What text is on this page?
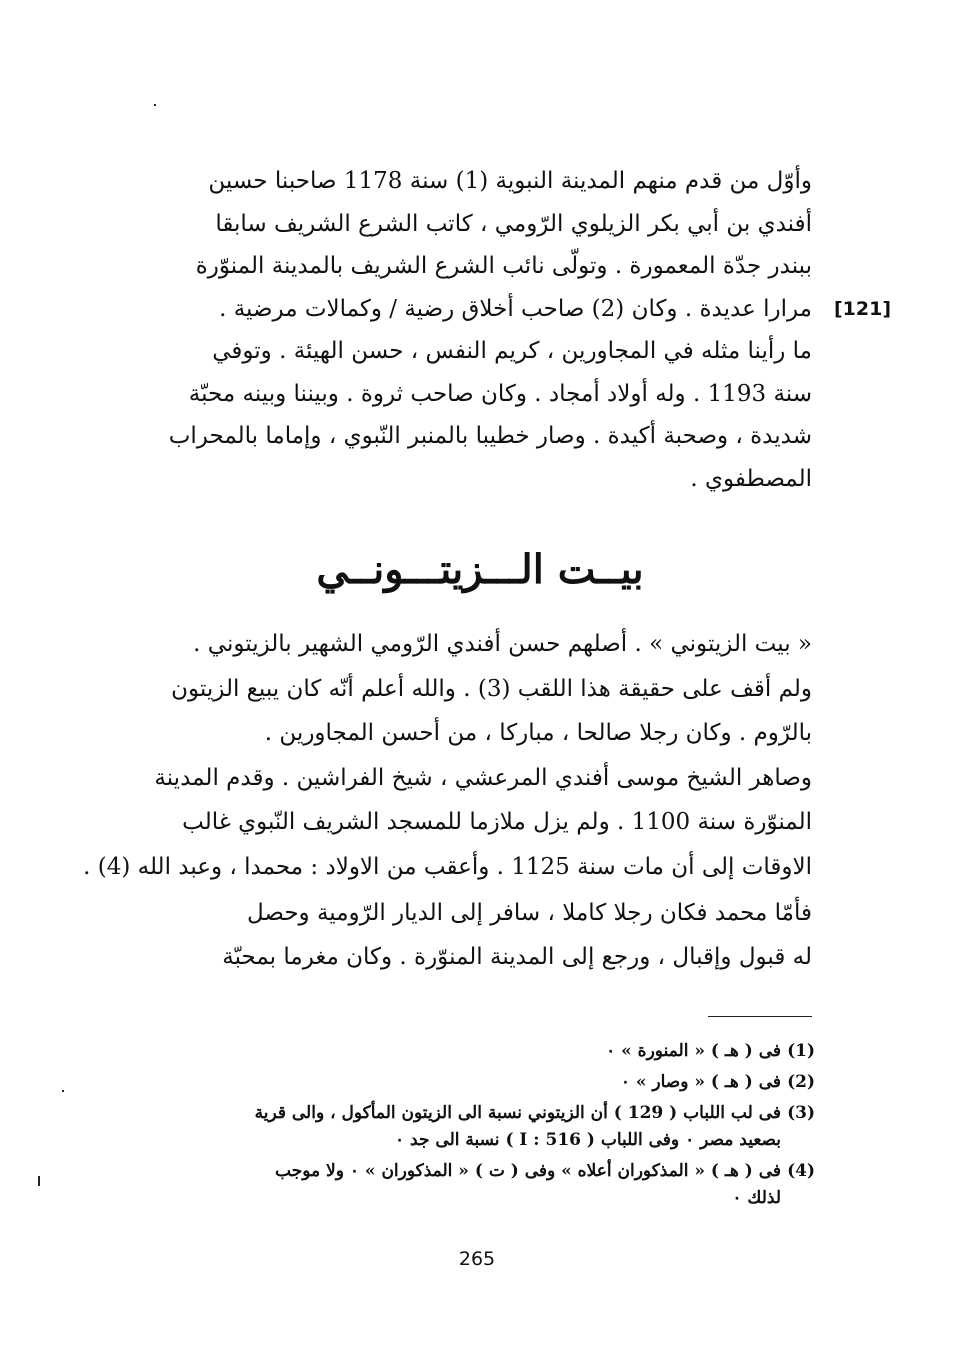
وأوّل من قدم منهم المدينة النبوية (1) سنة 1178 صاحبنا حسين
أفندي بن أبي بكر الزيلوي الرّومي ، كاتب الشرع الشريف سابقا
ببندر جدّة المعمورة . وتولّى نائب الشرع الشريف بالمدينة المنوّرة
مرارا عديدة . وكان (2) صاحب أخلاق رضية / وكمالات مرضية .
ما رأينا مثله في المجاورين ، كريم النفس ، حسن الهيئة . وتوفي
سنة 1193 . وله أولاد أمجاد . وكان صاحب ثروة . وبيننا وبينه محبّة
شديدة ، وصحبة أكيدة . وصار خطيبا بالمنبر النّبوي ، وإماما بالمحراب
المصطفوي .
[121]
بيــت الـــزيتـــونــي
« بيت الزيتوني » . أصلهم حسن أفندي الرّومي الشهير بالزيتوني .
ولم أقف على حقيقة هذا اللقب (3) . والله أعلم أنّه كان يبيع الزيتون
بالرّوم . وكان رجلا صالحا ، مباركا ، من أحسن المجاورين .
وصاهر الشيخ موسى أفندي المرعشي ، شيخ الفراشين . وقدم المدينة
المنوّرة سنة 1100 . ولم يزل ملازما للمسجد الشريف النّبوي غالب
الاوقات إلى أن مات سنة 1125 . وأعقب من الاولاد : محمدا ، وعبد الله (4) .
فأمّا محمد فكان رجلا كاملا ، سافر إلى الديار الرّومية وحصل
له قبول وإقبال ، ورجع إلى المدينة المنوّرة . وكان مغرما بمحبّة
(1)
فى ( هـ ) « المنورة » ٠
(2)
فى ( هـ ) « وصار » ٠
(3)
فى لب اللباب ( 129 ) أن الزيتوني نسبة الى الزيتون المأكول ، والى قرية
بصعيد مصر ٠ وفى اللباب ( I : 516 ) نسبة الى جد ٠
(4)
فى ( هـ ) « المذكوران أعلاه » وفى ( ت ) « المذكوران » ٠ ولا موجب
لذلك ٠
265
